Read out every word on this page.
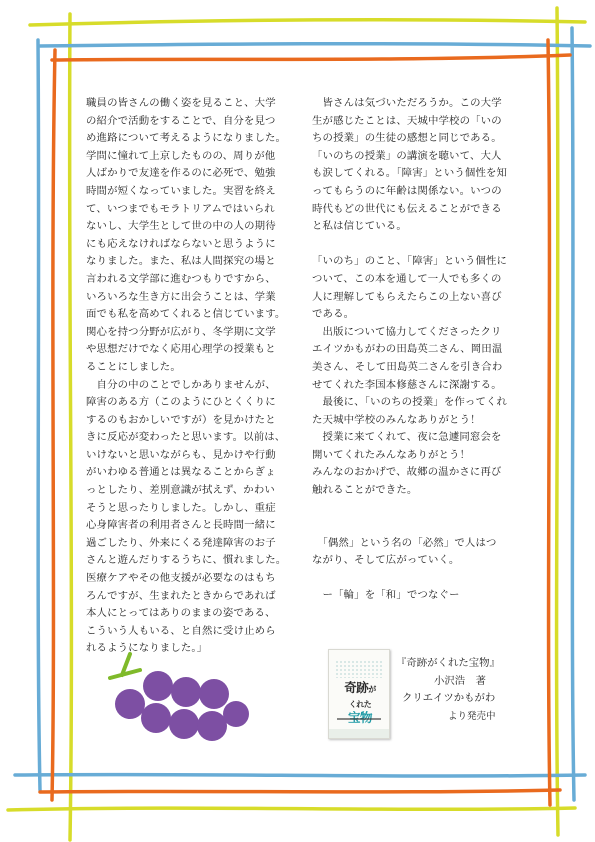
職員の皆さんの働く姿を見ること、大学

の紹介で活動をすることで、自分を見つ

め進路について考えるようになりました。

学問に憧れて上京したものの、周りが他

人ばかりで友達を作るのに必死で、勉強

時間が短くなっていました。実習を終え

て、いつまでもモラトリアムではいられ

ないし、大学生として世の中の人の期待

にも応えなければならないと思うように

なりました。また、私は人間探究の場と

言われる文学部に進むつもりですから、

いろいろな生き方に出会うことは、学業

面でも私を高めてくれると信じています。

関心を持つ分野が広がり、冬学期に文学

や思想だけでなく応用心理学の授業もと

ることにしました。

　自分の中のことでしかありませんが、

障害のある方（このようにひとくくりに

するのもおかしいですが）を見かけたと

きに反応が変わったと思います。以前は、

いけないと思いながらも、見かけや行動

がいわゆる普通とは異なることからぎょ

っとしたり、差別意識が拭えず、かわい

そうと思ったりしました。しかし、重症

心身障害者の利用者さんと長時間一緒に

過ごしたり、外来にくる発達障害のお子

さんと遊んだりするうちに、慣れました。

医療ケアやその他支援が必要なのはもち

ろんですが、生まれたときからであれば

本人にとってはありのままの姿である、

こういう人もいる、と自然に受け止めら

れるようになりました。」

　皆さんは気づいただろうか。この大学

生が感じたことは、天城中学校の「いの

ちの授業」の生徒の感想と同じである。

「いのちの授業」の講演を聴いて、大人

も涙してくれる。「障害」という個性を知

ってもらうのに年齢は関係ない。いつの

時代もどの世代にも伝えることができる

と私は信じている。

「いのち」のこと、「障害」という個性に

ついて、この本を通して一人でも多くの

人に理解してもらえたらこの上ない喜び

である。

　出版について協力してくださったクリ

エイツかもがわの田島英二さん、岡田温

美さん、そして田島英二さんを引き合わ

せてくれた李国本修慈さんに深謝する。

　最後に、「いのちの授業」を作ってくれ

た天城中学校のみんなありがとう！

　授業に来てくれて、夜に急遽同窓会を

開いてくれたみんなありがとう！

みんなのおかげで、故郷の温かさに再び

触れることができた。

　「偶然」という名の「必然」で人はつ

ながり、そして広がっていく。

　ー「輪」を「和」でつなぐー

奇跡が
くれた

『奇跡がくれた宝物』

小沢浩　著

クリエイツかもがわ

より発売中
